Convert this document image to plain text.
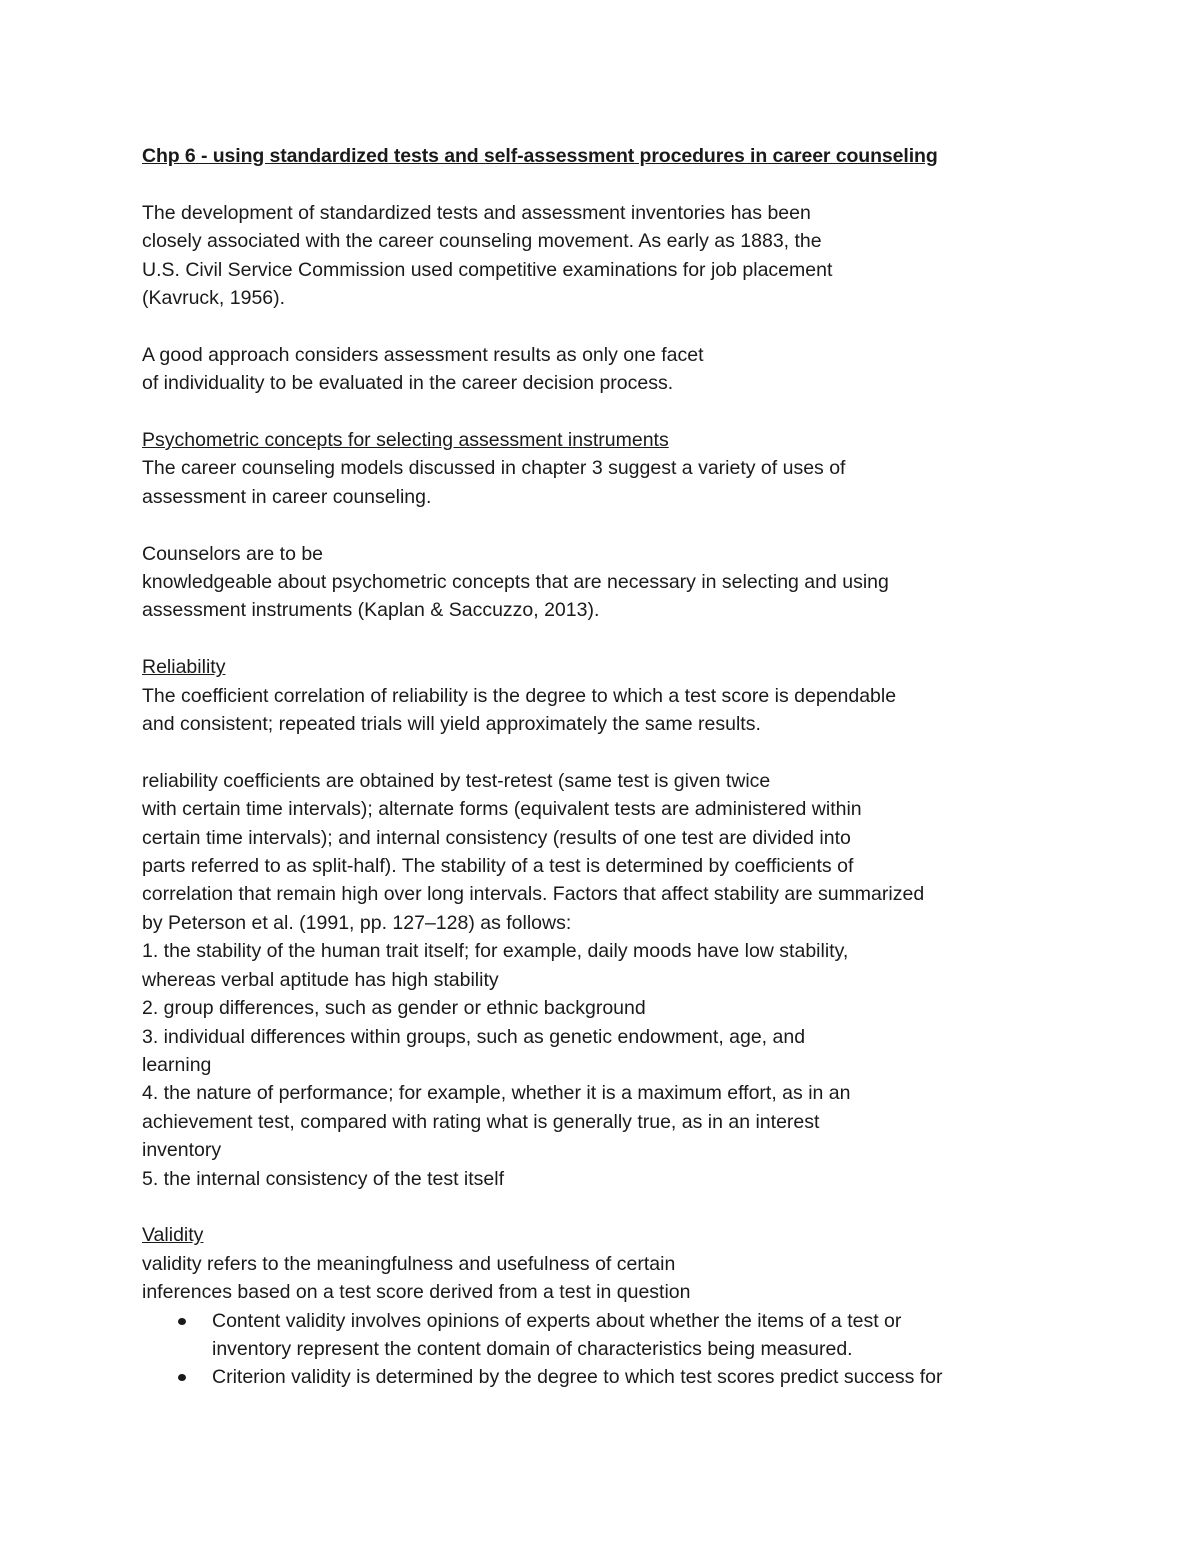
Chp 6 - using standardized tests and self-assessment procedures in career counseling
The development of standardized tests and assessment inventories has been
closely associated with the career counseling movement. As early as 1883, the
U.S. Civil Service Commission used competitive examinations for job placement
(Kavruck, 1956).
A good approach considers assessment results as only one facet
of individuality to be evaluated in the career decision process.
Psychometric concepts for selecting assessment instruments
The career counseling models discussed in chapter 3 suggest a variety of uses of
assessment in career counseling.
Counselors are to be
knowledgeable about psychometric concepts that are necessary in selecting and using
assessment instruments (Kaplan & Saccuzzo, 2013).
Reliability
The coefficient correlation of reliability is the degree to which a test score is dependable
and consistent; repeated trials will yield approximately the same results.
reliability coefficients are obtained by test-retest (same test is given twice
with certain time intervals); alternate forms (equivalent tests are administered within
certain time intervals); and internal consistency (results of one test are divided into
parts referred to as split-half). The stability of a test is determined by coefficients of
correlation that remain high over long intervals. Factors that affect stability are summarized
by Peterson et al. (1991, pp. 127–128) as follows:
1. the stability of the human trait itself; for example, daily moods have low stability,
whereas verbal aptitude has high stability
2. group differences, such as gender or ethnic background
3. individual differences within groups, such as genetic endowment, age, and
learning
4. the nature of performance; for example, whether it is a maximum effort, as in an
achievement test, compared with rating what is generally true, as in an interest
inventory
5. the internal consistency of the test itself
Validity
validity refers to the meaningfulness and usefulness of certain
inferences based on a test score derived from a test in question
Content validity involves opinions of experts about whether the items of a test or
inventory represent the content domain of characteristics being measured.
Criterion validity is determined by the degree to which test scores predict success for
